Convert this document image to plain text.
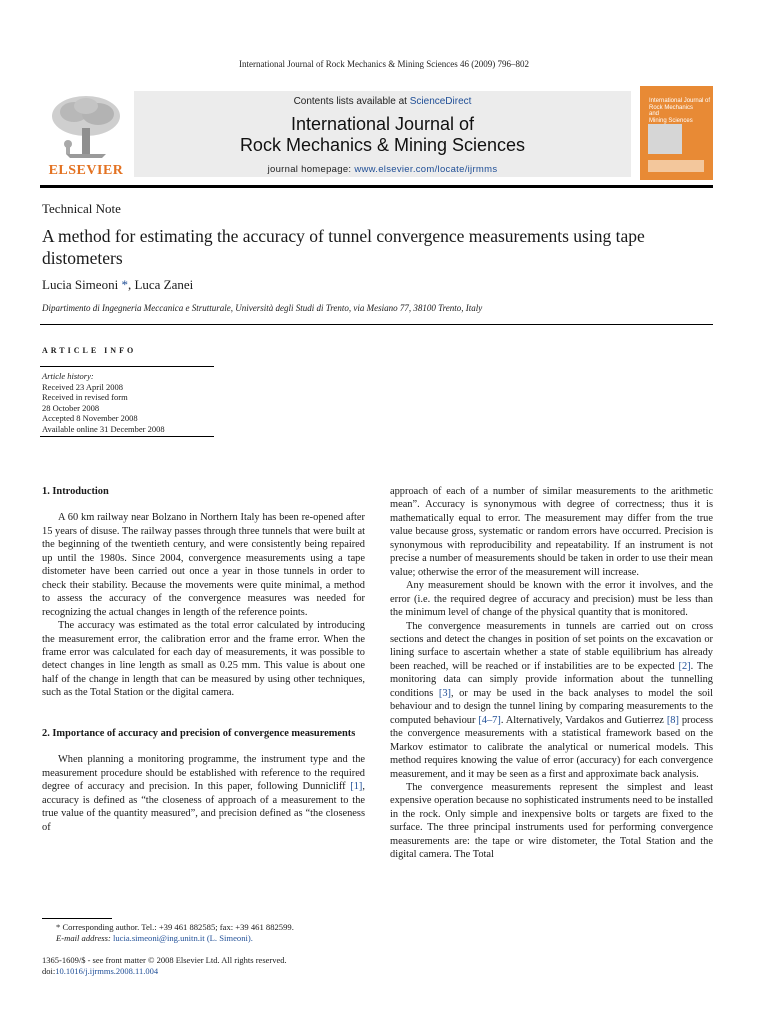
International Journal of Rock Mechanics & Mining Sciences 46 (2009) 796–802
ELSEVIER
Contents lists available at ScienceDirect
International Journal of
Rock Mechanics & Mining Sciences
journal homepage: www.elsevier.com/locate/ijrmms
International Journal of
Rock Mechanics
and
Mining Sciences
Technical Note
A method for estimating the accuracy of tunnel convergence measurements using tape distometers
Lucia Simeoni *, Luca Zanei
Dipartimento di Ingegneria Meccanica e Strutturale, Università degli Studi di Trento, via Mesiano 77, 38100 Trento, Italy
ARTICLE INFO
Article history:
Received 23 April 2008
Received in revised form
28 October 2008
Accepted 8 November 2008
Available online 31 December 2008
1. Introduction

A 60 km railway near Bolzano in Northern Italy has been re-opened after 15 years of disuse. The railway passes through three tunnels that were built at the beginning of the twentieth century, and were consistently being repaired up until the 1980s. Since 2004, convergence measurements using a tape distometer have been carried out once a year in those tunnels in order to check their stability. Because the movements were quite minimal, a method to assess the accuracy of the convergence measures was needed for recognizing the actual changes in length of the reference points.

The accuracy was estimated as the total error calculated by introducing the measurement error, the calibration error and the frame error. When the frame error was calculated for each day of measurements, it was possible to detect changes in line length as small as 0.25 mm. This value is about one half of the change in length that can be measured by using other techniques, such as the Total Station or the digital camera.

2. Importance of accuracy and precision of convergence measurements

When planning a monitoring programme, the instrument type and the measurement procedure should be established with reference to the required degree of accuracy and precision. In this paper, following Dunnicliff [1], accuracy is defined as “the closeness of approach of a measurement to the true value of the quantity measured”, and precision defined as “the closeness of

approach of each of a number of similar measurements to the arithmetic mean”. Accuracy is synonymous with degree of correctness; thus it is mathematically equal to error. The measurement may differ from the true value because gross, systematic or random errors have occurred. Precision is synonymous with reproducibility and repeatability. If an instrument is not precise a number of measurements should be taken in order to use their mean value; otherwise the error of the measurement will increase.

Any measurement should be known with the error it involves, and the error (i.e. the required degree of accuracy and precision) must be less than the minimum level of change of the physical quantity that is monitored.

The convergence measurements in tunnels are carried out on cross sections and detect the changes in position of set points on the excavation or lining surface to ascertain whether a state of stable equilibrium has already been reached, will be reached or if instabilities are to be expected [2]. The monitoring data can simply provide information about the tunnelling conditions [3], or may be used in the back analyses to model the soil behaviour and to design the tunnel lining by comparing measurements to the computed behaviour [4–7]. Alternatively, Vardakos and Gutierrez [8] process the convergence measurements with a statistical framework based on the Markov estimator to calibrate the analytical or numerical models. This method requires knowing the value of error (accuracy) for each convergence measurement, and it may be seen as a first and approximate back analysis.

The convergence measurements represent the simplest and least expensive operation because no sophisticated instruments need to be installed in the rock. Only simple and inexpensive bolts or targets are fixed to the surface. The three principal instruments used for performing convergence measurements are: the tape or wire distometer, the Total Station and the digital camera. The Total

* Corresponding author. Tel.: +39 461 882585; fax: +39 461 882599.
E-mail address: lucia.simeoni@ing.unitn.it (L. Simeoni).
1365-1609/$ - see front matter © 2008 Elsevier Ltd. All rights reserved.
doi:10.1016/j.ijrmms.2008.11.004
